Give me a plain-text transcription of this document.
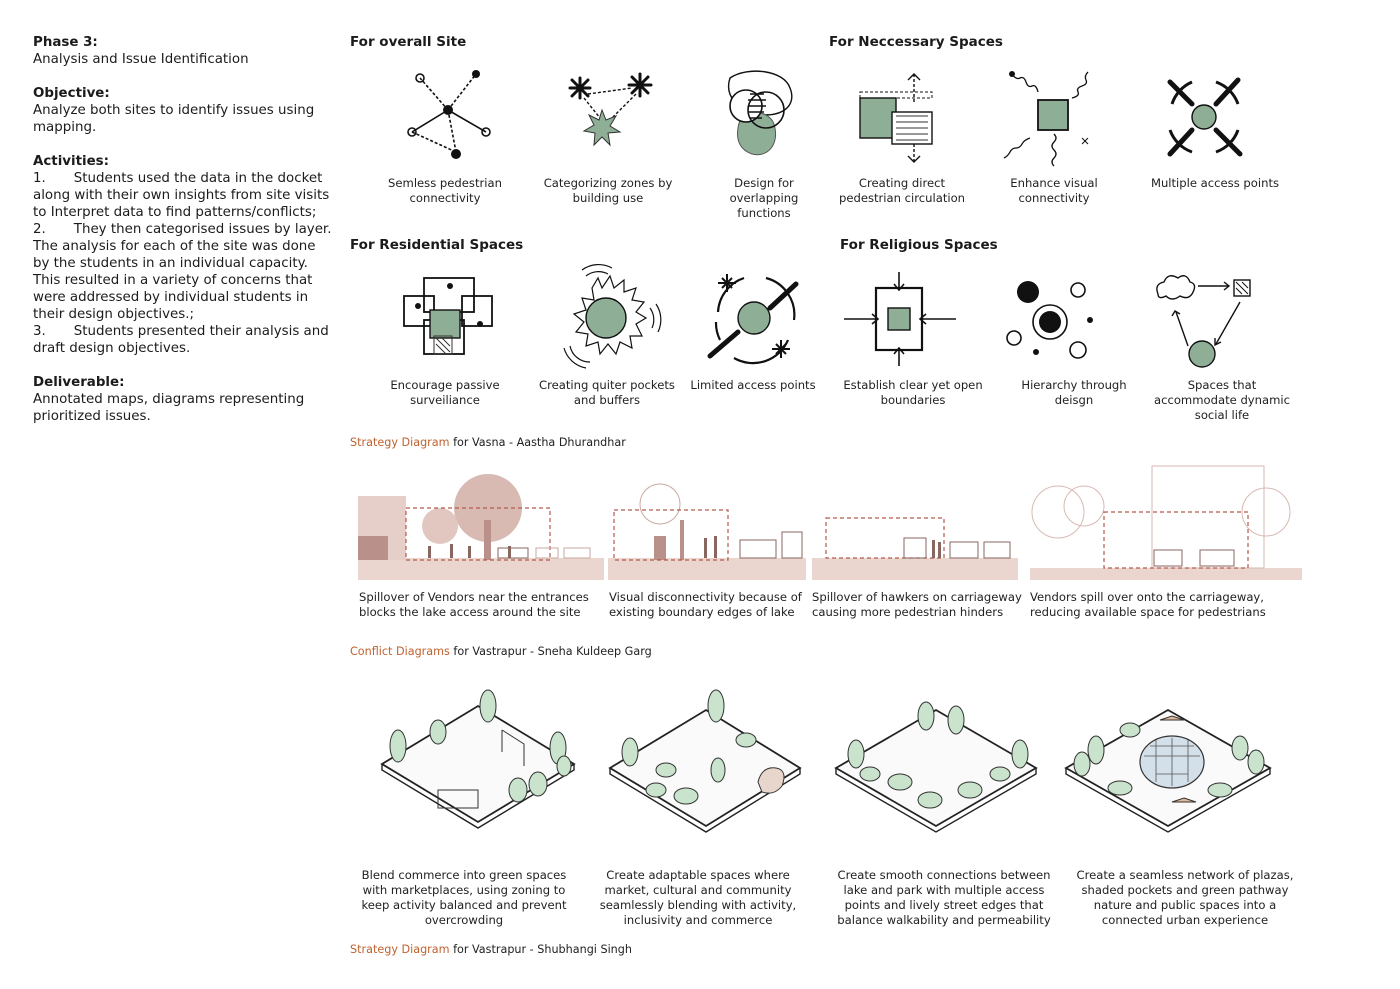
Phase 3:
Analysis and Issue Identification
Objective:
Analyze both sites to identify issues using mapping.
Activities:
1. Students used the data in the docket along with their own insights from site visits to Interpret data to find patterns/conflicts;
2. They then categorised issues by layer. The analysis for each of the site was done by the students in an individual capacity. This resulted in a variety of concerns that were addressed by individual students in their design objectives.;
3. Students presented their analysis and draft design objectives.
Deliverable:
Annotated maps, diagrams representing prioritized issues.
For overall Site	For Neccessary Spaces
For Residential Spaces	For Religious Spaces
Semless pedestrian connectivity
Categorizing zones by building use
Design for overlapping functions
Creating direct pedestrian circulation
Enhance visual connectivity
Multiple access points
Encourage passive surveiliance
Creating quiter pockets and buffers
Limited access points Establish clear yet open boundaries
Hierarchy through deisgn
Spaces that accommodate dynamic social life
Strategy Diagram for Vasna - Aastha Dhurandhar
Spillover of Vendors near the entrances blocks the lake access around the site
Visual disconnectivity because of existing boundary edges of lake
Spillover of hawkers on carriageway causing more pedestrian hinders
Vendors spill over onto the carriageway, reducing available space for pedestrians
Conflict Diagrams for Vastrapur - Sneha Kuldeep Garg
Blend commerce into green spaces with marketplaces, using zoning to keep activity balanced and prevent overcrowding
Create adaptable spaces where market, cultural and community seamlessly blending with activity, inclusivity and commerce
Create smooth connections between lake and park with multiple access points and lively street edges that balance walkability and permeability
Create a seamless network of plazas, shaded pockets and green pathway nature and public spaces into a connected urban experience
Strategy Diagram for Vastrapur - Shubhangi Singh
